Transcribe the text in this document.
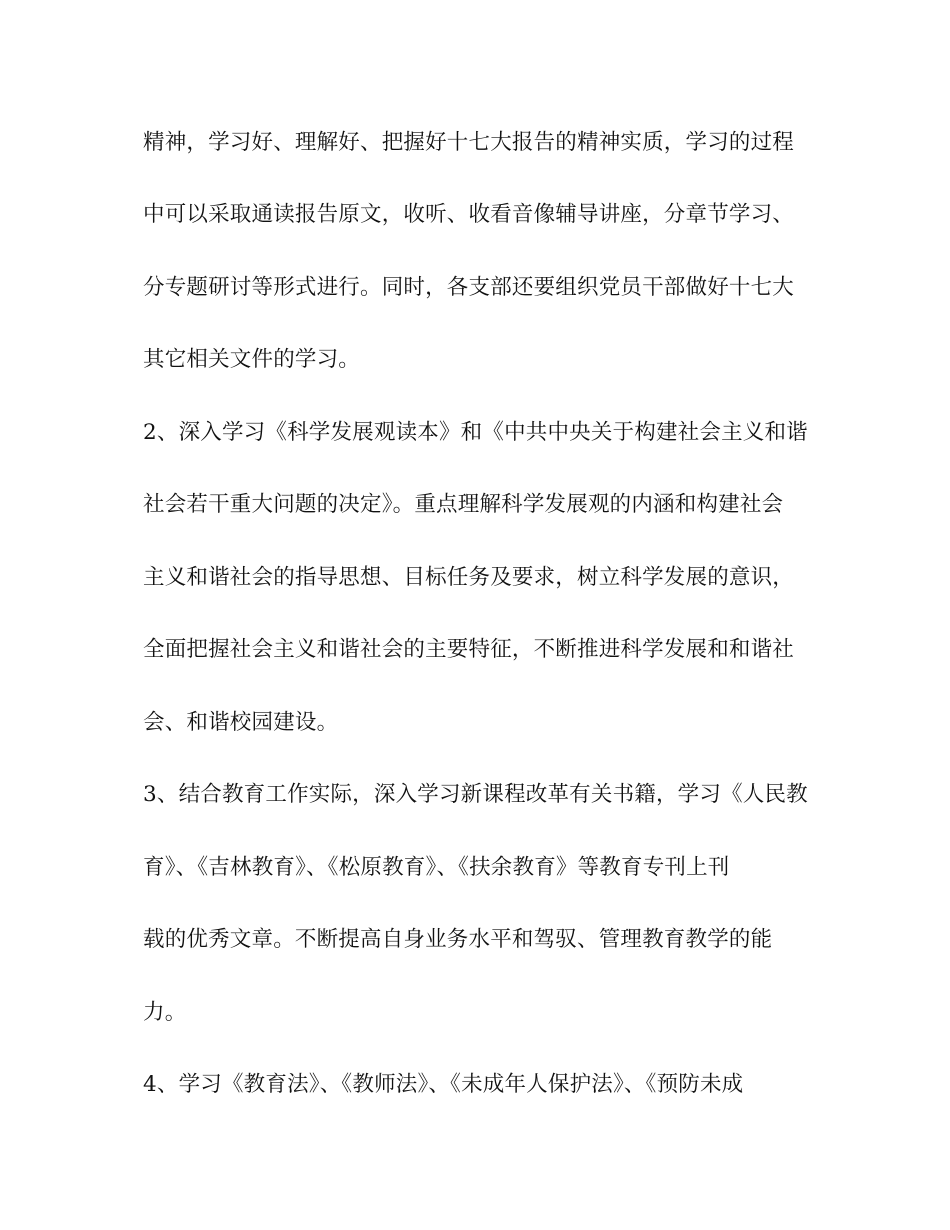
精神，学习好、理解好、把握好十七大报告的精神实质，学习的过程
中可以采取通读报告原文，收听、收看音像辅导讲座，分章节学习、
分专题研讨等形式进行。同时，各支部还要组织党员干部做好十七大
其它相关文件的学习。
2、深入学习《科学发展观读本》和《中共中央关于构建社会主义和谐
社会若干重大问题的决定》。重点理解科学发展观的内涵和构建社会
主义和谐社会的指导思想、目标任务及要求，树立科学发展的意识，
全面把握社会主义和谐社会的主要特征，不断推进科学发展和和谐社
会、和谐校园建设。
3、结合教育工作实际，深入学习新课程改革有关书籍，学习《人民教
育》、《吉林教育》、《松原教育》、《扶余教育》等教育专刊上刊
载的优秀文章。不断提高自身业务水平和驾驭、管理教育教学的能
力。
4、学习《教育法》、《教师法》、《未成年人保护法》、《预防未成
